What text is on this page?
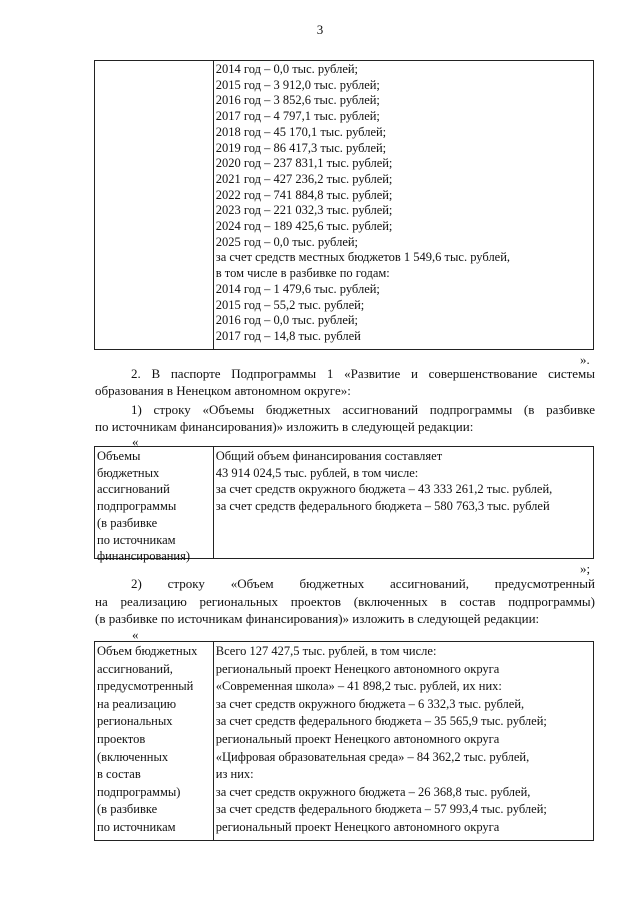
3
2014 год – 0,0 тыс. рублей;
2015 год – 3 912,0 тыс. рублей;
2016 год – 3 852,6 тыс. рублей;
2017 год – 4 797,1 тыс. рублей;
2018 год – 45 170,1 тыс. рублей;
2019 год – 86 417,3 тыс. рублей;
2020 год – 237 831,1 тыс. рублей;
2021 год – 427 236,2 тыс. рублей;
2022 год – 741 884,8 тыс. рублей;
2023 год – 221 032,3 тыс. рублей;
2024 год – 189 425,6 тыс. рублей;
2025 год – 0,0 тыс. рублей;
за счет средств местных бюджетов 1 549,6 тыс. рублей,
в том числе в разбивке по годам:
2014 год – 1 479,6 тыс. рублей;
2015 год – 55,2 тыс. рублей;
2016 год – 0,0 тыс. рублей;
2017 год – 14,8 тыс. рублей
».
2. В паспорте Подпрограммы 1 «Развитие и совершенствование системы
образования в Ненецком автономном округе»:
1) строку «Объемы бюджетных ассигнований подпрограммы (в разбивке
по источникам финансирования)» изложить в следующей редакции:
«
Объемы
бюджетных
ассигнований
подпрограммы
(в разбивке
по источникам
финансирования)
Общий объем финансирования составляет
43 914 024,5 тыс. рублей, в том числе:
за счет средств окружного бюджета – 43 333 261,2 тыс. рублей,
за счет средств федерального бюджета – 580 763,3 тыс. рублей
»;
2) строку «Объем бюджетных ассигнований, предусмотренный
на реализацию региональных проектов (включенных в состав подпрограммы)
(в разбивке по источникам финансирования)» изложить в следующей редакции:
«
Объем бюджетных
ассигнований,
предусмотренный
на реализацию
региональных
проектов
(включенных
в состав
подпрограммы)
(в разбивке
по источникам
Всего 127 427,5 тыс. рублей, в том числе:
региональный проект Ненецкого автономного округа
«Современная школа» – 41 898,2 тыс. рублей, их них:
за счет средств окружного бюджета – 6 332,3 тыс. рублей,
за счет средств федерального бюджета – 35 565,9 тыс. рублей;
региональный проект Ненецкого автономного округа
«Цифровая образовательная среда» – 84 362,2 тыс. рублей,
из них:
за счет средств окружного бюджета – 26 368,8 тыс. рублей,
за счет средств федерального бюджета – 57 993,4 тыс. рублей;
региональный проект Ненецкого автономного округа
